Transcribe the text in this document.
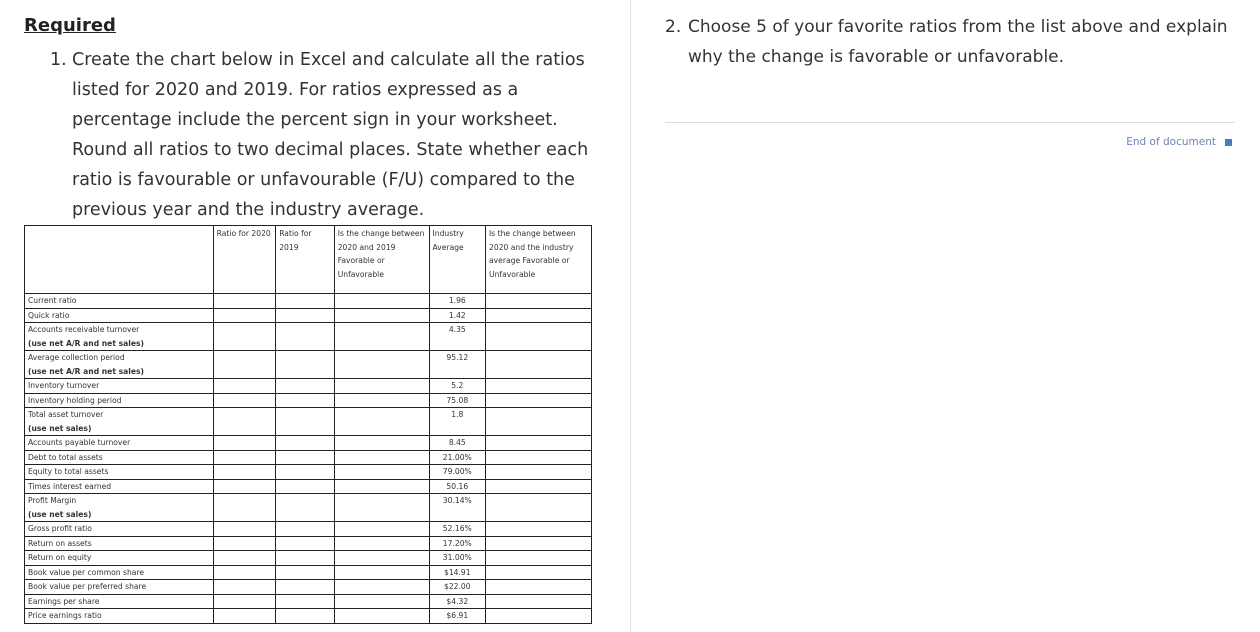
Required
1. Create the chart below in Excel and calculate all the ratios listed for 2020 and 2019. For ratios expressed as a percentage include the percent sign in your worksheet. Round all ratios to two decimal places. State whether each ratio is favourable or unfavourable (F/U) compared to the previous year and the industry average.
	Ratio for 2020	Ratio for 2019	Is the change between 2020 and 2019 Favorable or Unfavorable	Industry Average	Is the change between 2020 and the industry average Favorable or Unfavorable
Current ratio				1.96	
Quick ratio				1.42	
Accounts receivable turnover
(use net A/R and net sales)				4.35	
Average collection period
(use net A/R and net sales)				95.12	
Inventory turnover				5.2	
Inventory holding period				75.08	
Total asset turnover
(use net sales)				1.8	
Accounts payable turnover				8.45	
Debt to total assets				21.00%	
Equity to total assets				79.00%	
Times interest earned				50.16	
Profit Margin
(use net sales)				30.14%	
Gross profit ratio				52.16%	
Return on assets				17.20%	
Return on equity				31.00%	
Book value per common share				$14.91	
Book value per preferred share				$22.00	
Earnings per share				$4.32	
Price earnings ratio				$6.91	
2. Choose 5 of your favorite ratios from the list above and explain why the change is favorable or unfavorable.
End of document
